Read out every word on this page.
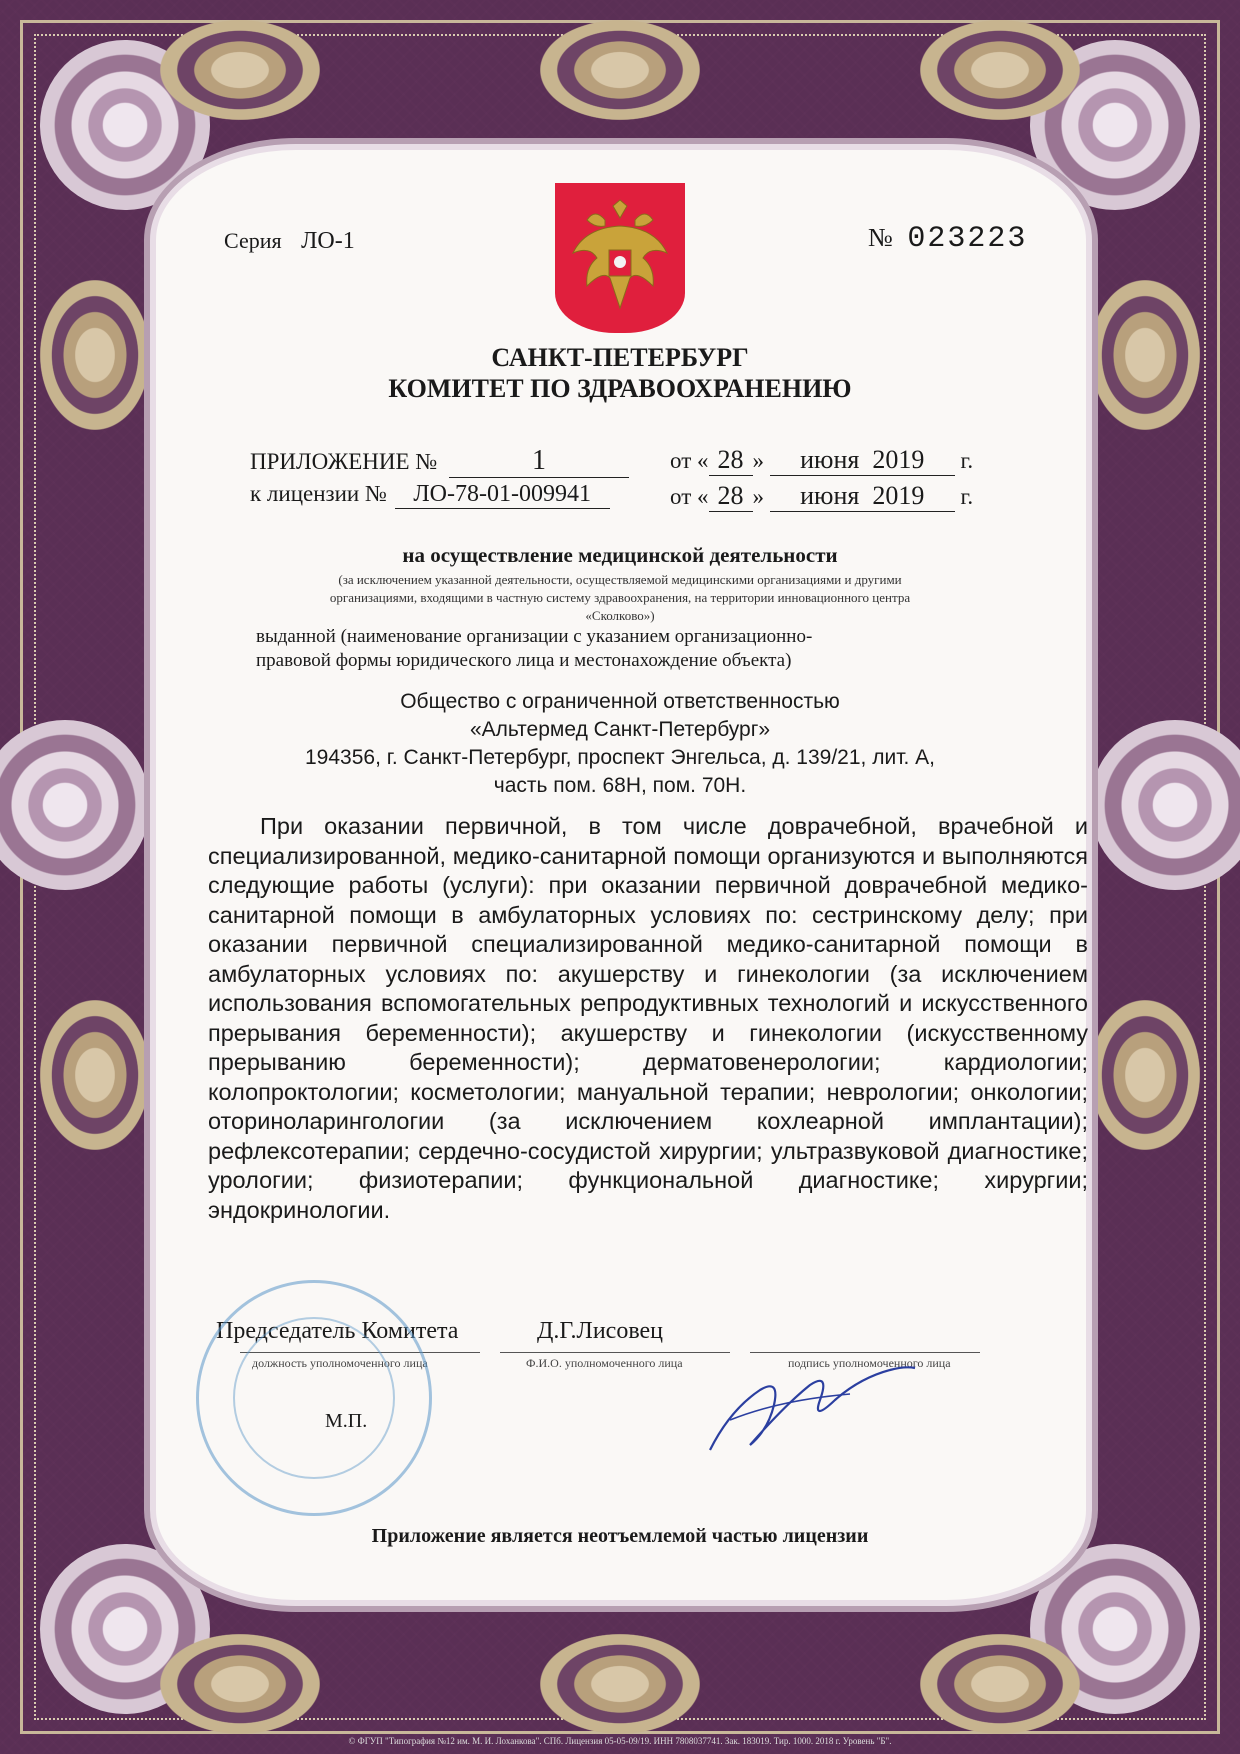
Серия ЛО-1	№ 023223
САНКТ-ПЕТЕРБУРГ
КОМИТЕТ ПО ЗДРАВООХРАНЕНИЮ
ПРИЛОЖЕНИЕ №	1	от « 28 » июня 2019 г.
к лицензии № ЛО-78-01-009941	от « 28 » июня 2019 г.
на осуществление медицинской деятельности
(за исключением указанной деятельности, осуществляемой медицинскими организациями и другими
организациями, входящими в частную систему здравоохранения, на территории инновационного центра
«Сколково»)
выданной (наименование организации с указанием организационно-
правовой формы юридического лица и местонахождение объекта)
Общество с ограниченной ответственностью
«Альтермед Санкт-Петербург»
194356, г. Санкт-Петербург, проспект Энгельса, д. 139/21, лит. А,
часть пом. 68Н, пом. 70Н.

При оказании первичной, в том числе доврачебной, врачебной и специализированной, медико-санитарной помощи организуются и выполняются следующие работы (услуги): при оказании первичной доврачебной медико-санитарной помощи в амбулаторных условиях по: сестринскому делу; при оказании первичной специализированной медико-санитарной помощи в амбулаторных условиях по: акушерству и гинекологии (за исключением использования вспомогательных репродуктивных технологий и искусственного прерывания беременности); акушерству и гинекологии (искусственному прерыванию беременности); дерматовенерологии; кардиологии; колопроктологии; косметологии; мануальной терапии; неврологии; онкологии; оториноларингологии (за исключением кохлеарной имплантации); рефлексотерапии; сердечно-сосудистой хирургии; ультразвуковой диагностике; урологии; физиотерапии; функциональной диагностике; хирургии; эндокринологии.

Председатель Комитета	Д.Г.Лисовец
должность уполномоченного лица	Ф.И.О. уполномоченного лица	подпись уполномоченного лица
М.П.
Приложение является неотъемлемой частью лицензии
© ФГУП "Типография №12 им. М. И. Лоханкова". СПб. Лицензия 05-05-09/19. ИНН 7808037741. Зак. 183019. Тир. 1000. 2018 г. Уровень "Б".
